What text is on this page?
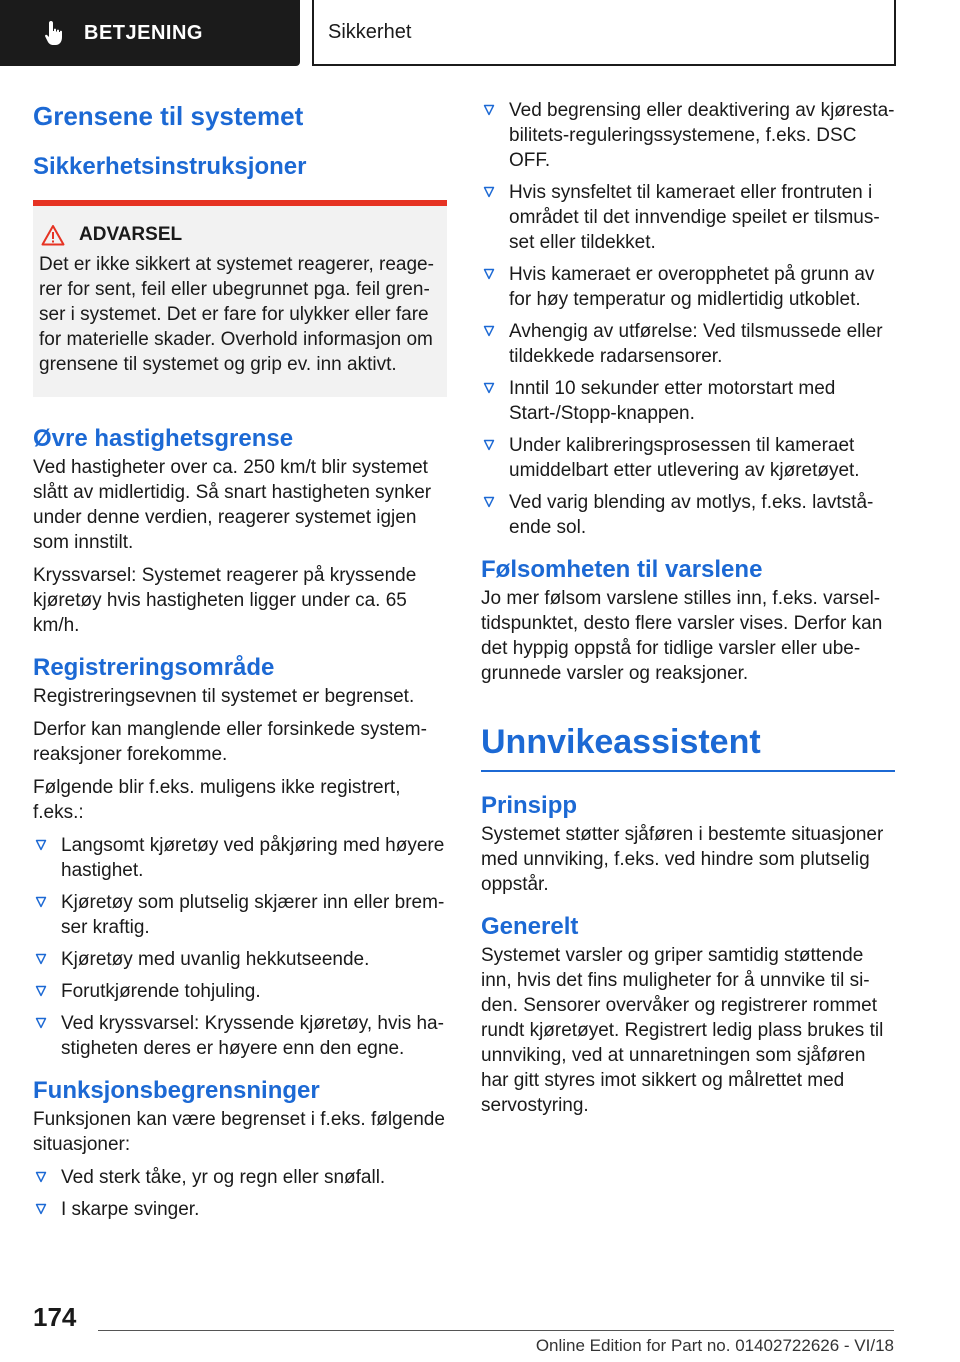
BETJENING	Sikkerhet
Grensene til systemet
Sikkerhetsinstruksjoner
ADVARSEL

Det er ikke sikkert at systemet reagerer, reagerer for sent, feil eller ubegrunnet pga. feil grenser i systemet. Det er fare for ulykker eller fare for materielle skader. Overhold informasjon om grensene til systemet og grip ev. inn aktivt.

Øvre hastighetsgrense

Ved hastigheter over ca. 250 km/t blir systemet slått av midlertidig. Så snart hastigheten synker under denne verdien, reagerer systemet igjen som innstilt.

Kryssvarsel: Systemet reagerer på kryssende kjøretøy hvis hastigheten ligger under ca. 65 km/h.

Registreringsområde

Registreringsevnen til systemet er begrenset.

Derfor kan manglende eller forsinkede systemreaksjoner forekomme.

Følgende blir f.eks. muligens ikke registrert, f.eks.:

Langsomt kjøretøy ved påkjøring med høyere hastighet.
Kjøretøy som plutselig skjærer inn eller bremser kraftig.
Kjøretøy med uvanlig hekkutseende.
Forutkjørende tohjuling.
Ved kryssvarsel: Kryssende kjøretøy, hvis hastigheten deres er høyere enn den egne.
Funksjonsbegrensninger

Funksjonen kan være begrenset i f.eks. følgende situasjoner:

Ved sterk tåke, yr og regn eller snøfall.
I skarpe svinger.
Ved begrensing eller deaktivering av kjørestabilitets-reguleringssystemene, f.eks. DSC OFF.
Hvis synsfeltet til kameraet eller frontruten i området til det innvendige speilet er tilsmusset eller tildekket.
Hvis kameraet er overopphetet på grunn av for høy temperatur og midlertidig utkoblet.
Avhengig av utførelse: Ved tilsmussede eller tildekkede radarsensorer.
Inntil 10 sekunder etter motorstart med Start-/Stopp-knappen.
Under kalibreringsprosessen til kameraet umiddelbart etter utlevering av kjøretøyet.
Ved varig blending av motlys, f.eks. lavtstående sol.
Følsomheten til varslene

Jo mer følsom varslene stilles inn, f.eks. varseltidspunktet, desto flere varsler vises. Derfor kan det hyppig oppstå for tidlige varsler eller ubegrunnede varsler og reaksjoner.

Unnvikeassistent
Prinsipp

Systemet støtter sjåføren i bestemte situasjoner med unnviking, f.eks. ved hindre som plutselig oppstår.

Generelt

Systemet varsler og griper samtidig støttende inn, hvis det fins muligheter for å unnvike til siden. Sensorer overvåker og registrerer rommet rundt kjøretøyet. Registrert ledig plass brukes til unnviking, ved at unnaretningen som sjåføren har gitt styres imot sikkert og målrettet med servostyring.

174
Online Edition for Part no. 01402722626 - VI/18
